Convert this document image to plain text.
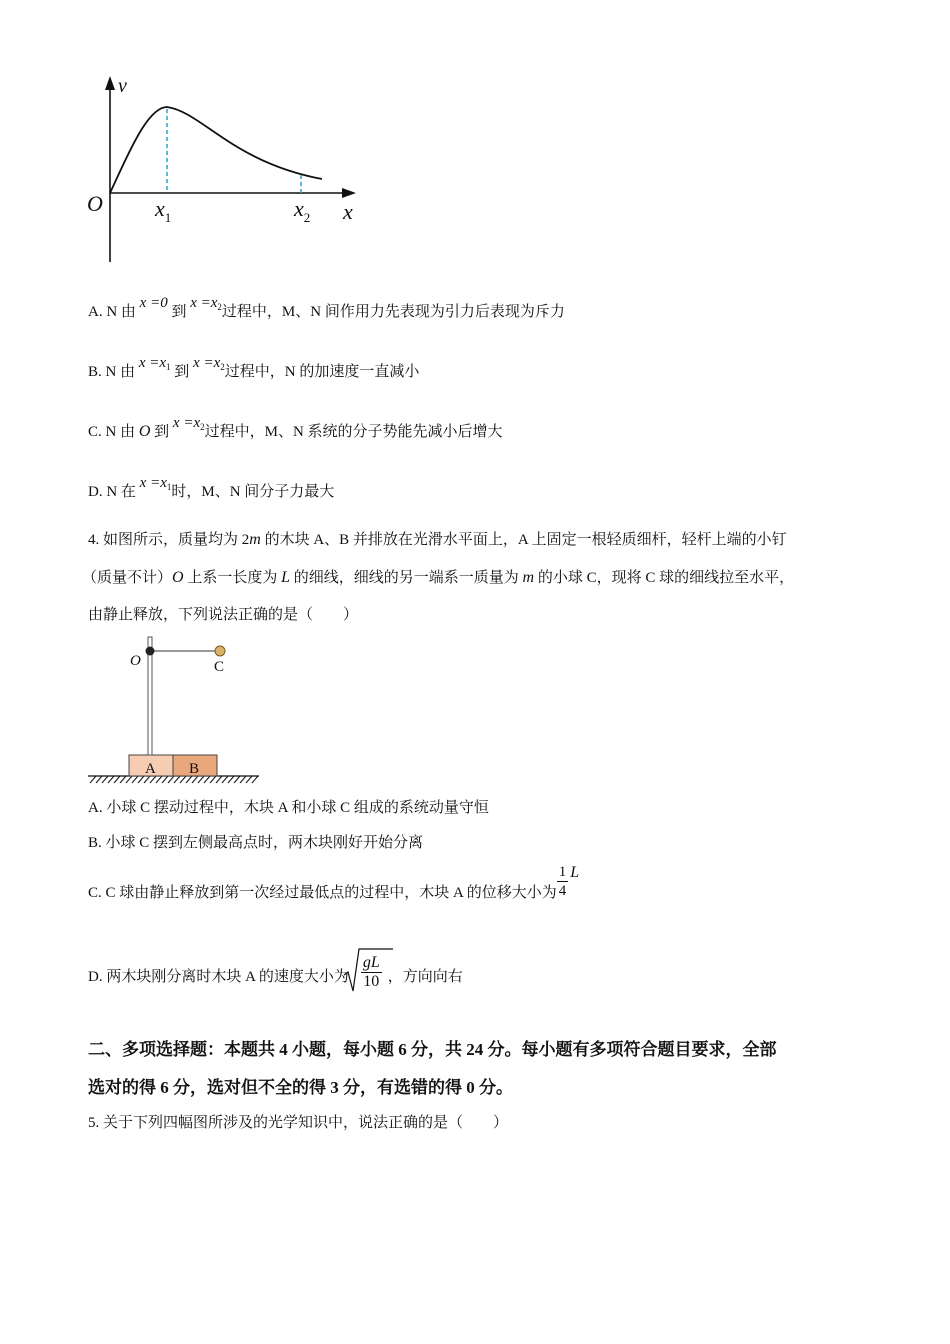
v
O	x
$x_1$	$x_2$
A. N 由 x =0 到 $x =x_2$过程中，M、N 间作用力先表现为引力后表现为斥力
B. N 由 $x =x_1$ 到 $x =x_2$过程中，N 的加速度一直减小
C. N 由 O 到 $x =x_2$过程中，M、N 系统的分子势能先减小后增大
D. N 在 $x =x_1$时，M、N 间分子力最大
4. 如图所示，质量均为 2m 的木块 A、B 并排放在光滑水平面上，A 上固定一根轻质细杆，轻杆上端的小钉
（质量不计）O 上系一长度为 L 的细线，细线的另一端系一质量为 m 的小球 C，现将 C 球的细线拉至水平，
由静止释放，下列说法正确的是（　　）
A B
O	C
A. 小球 C 摆动过程中，木块 A 和小球 C 组成的系统动量守恒
B. 小球 C 摆到左侧最高点时，两木块刚好开始分离
C. C 球由静止释放到第一次经过最低点的过程中，木块 A 的位移大小为 $\frac{1}{4}$ L
D. 两木块刚分离时木块 A 的速度大小为 $\frac{gL}{10}$ ，方向向右
二、多项选择题：本题共 4 小题，每小题 6 分，共 24 分。每小题有多项符合题目要求，全部
选对的得 6 分，选对但不全的得 3 分，有选错的得 0 分。
5. 关于下列四幅图所涉及的光学知识中，说法正确的是（　　）
